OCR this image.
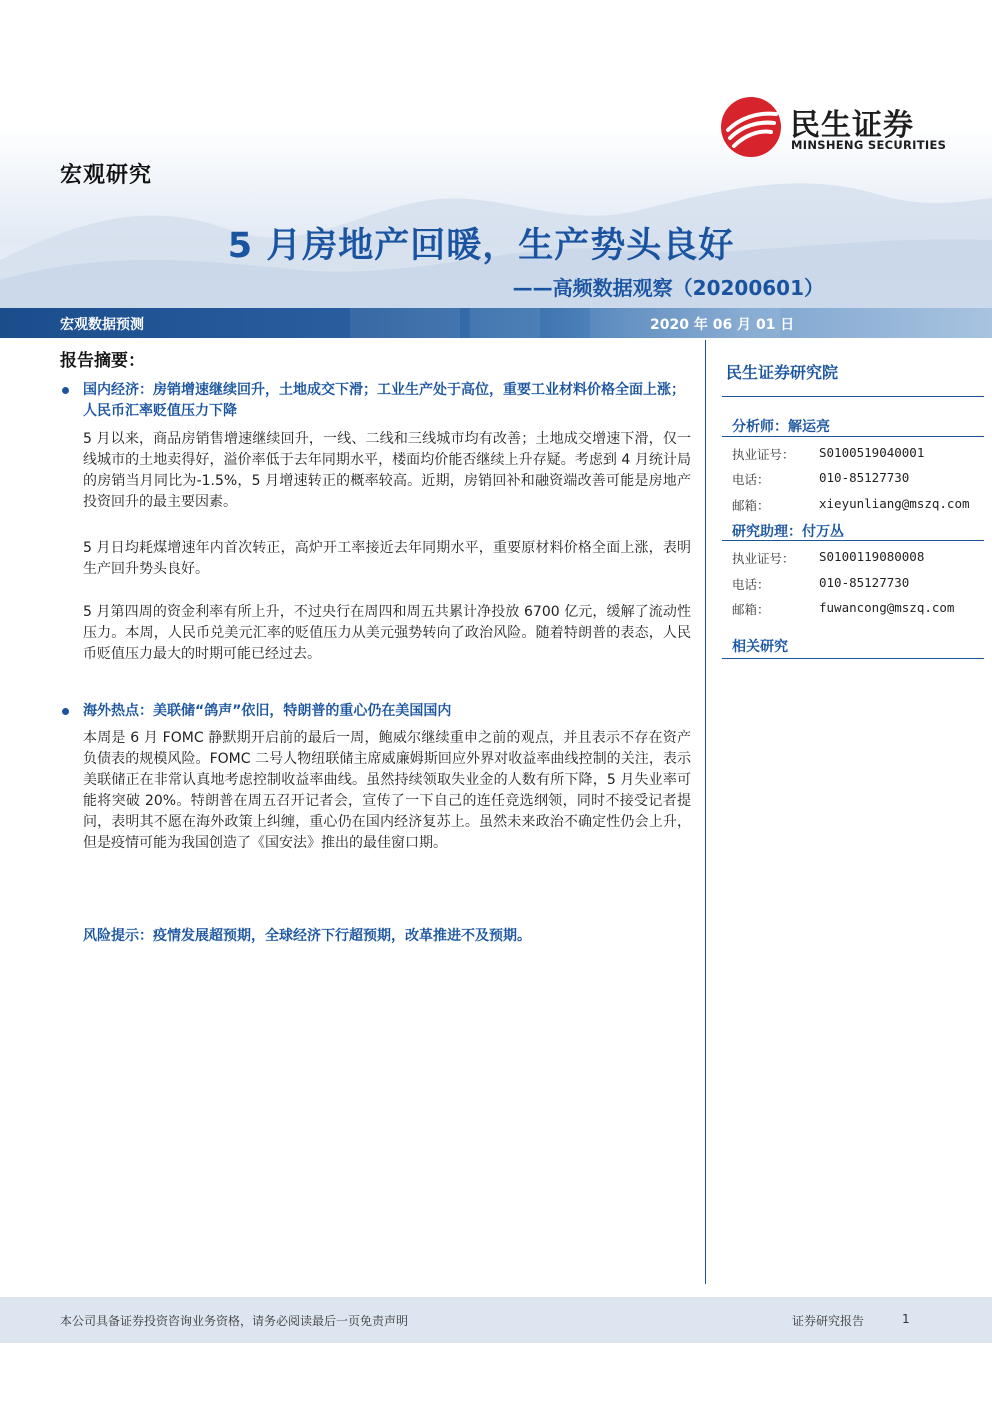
宏观研究
民生证券
MINSHENG SECURITIES
5 月房地产回暖，生产势头良好
——高频数据观察（20200601）
宏观数据预测	2020 年 06 月 01 日
报告摘要：
国内经济：房销增速继续回升，土地成交下滑；工业生产处于高位，重要工业材料价格全面上涨；人民币汇率贬值压力下降
5 月以来，商品房销售增速继续回升，一线、二线和三线城市均有改善；土地成交增速下滑，仅一线城市的土地卖得好，溢价率低于去年同期水平，楼面均价能否继续上升存疑。考虑到 4 月统计局的房销当月同比为-1.5%，5 月增速转正的概率较高。近期，房销回补和融资端改善可能是房地产投资回升的最主要因素。
5 月日均耗煤增速年内首次转正，高炉开工率接近去年同期水平，重要原材料价格全面上涨，表明生产回升势头良好。
5 月第四周的资金利率有所上升，不过央行在周四和周五共累计净投放 6700 亿元，缓解了流动性压力。本周，人民币兑美元汇率的贬值压力从美元强势转向了政治风险。随着特朗普的表态，人民币贬值压力最大的时期可能已经过去。
海外热点：美联储“鸽声”依旧，特朗普的重心仍在美国国内
本周是 6 月 FOMC 静默期开启前的最后一周，鲍威尔继续重申之前的观点，并且表示不存在资产负债表的规模风险。FOMC 二号人物纽联储主席威廉姆斯回应外界对收益率曲线控制的关注，表示美联储正在非常认真地考虑控制收益率曲线。虽然持续领取失业金的人数有所下降，5 月失业率可能将突破 20%。特朗普在周五召开记者会，宣传了一下自己的连任竞选纲领，同时不接受记者提问，表明其不愿在海外政策上纠缠，重心仍在国内经济复苏上。虽然未来政治不确定性仍会上升，但是疫情可能为我国创造了《国安法》推出的最佳窗口期。
风险提示：疫情发展超预期，全球经济下行超预期，改革推进不及预期。
民生证券研究院
分析师：解运亮
执业证号： S0100519040001
电话：	010-85127730
邮箱：	xieyunliang@mszq.com
研究助理：付万丛
执业证号： S0100119080008
电话：	010-85127730
邮箱：	fuwancong@mszq.com
相关研究
本公司具备证券投资咨询业务资格，请务必阅读最后一页免责声明	证券研究报告	1
